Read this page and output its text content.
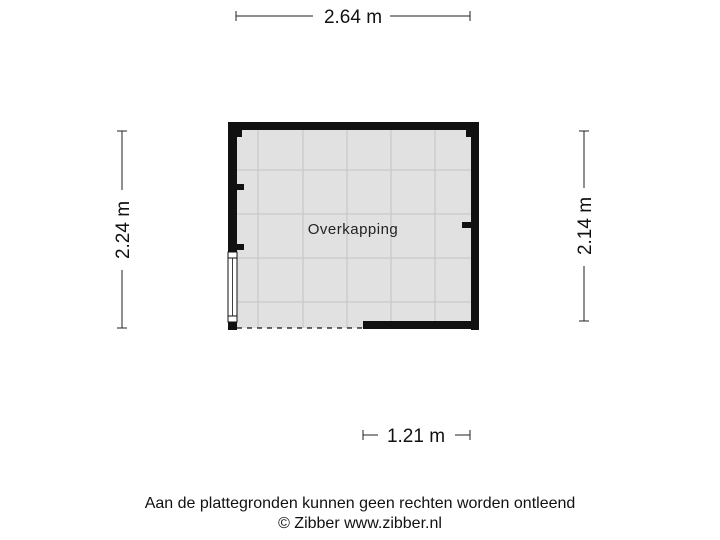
2.64 m
2.24 m	2.14 m
1.21 m
Overkapping
Aan de plattegronden kunnen geen rechten worden ontleend
© Zibber www.zibber.nl
